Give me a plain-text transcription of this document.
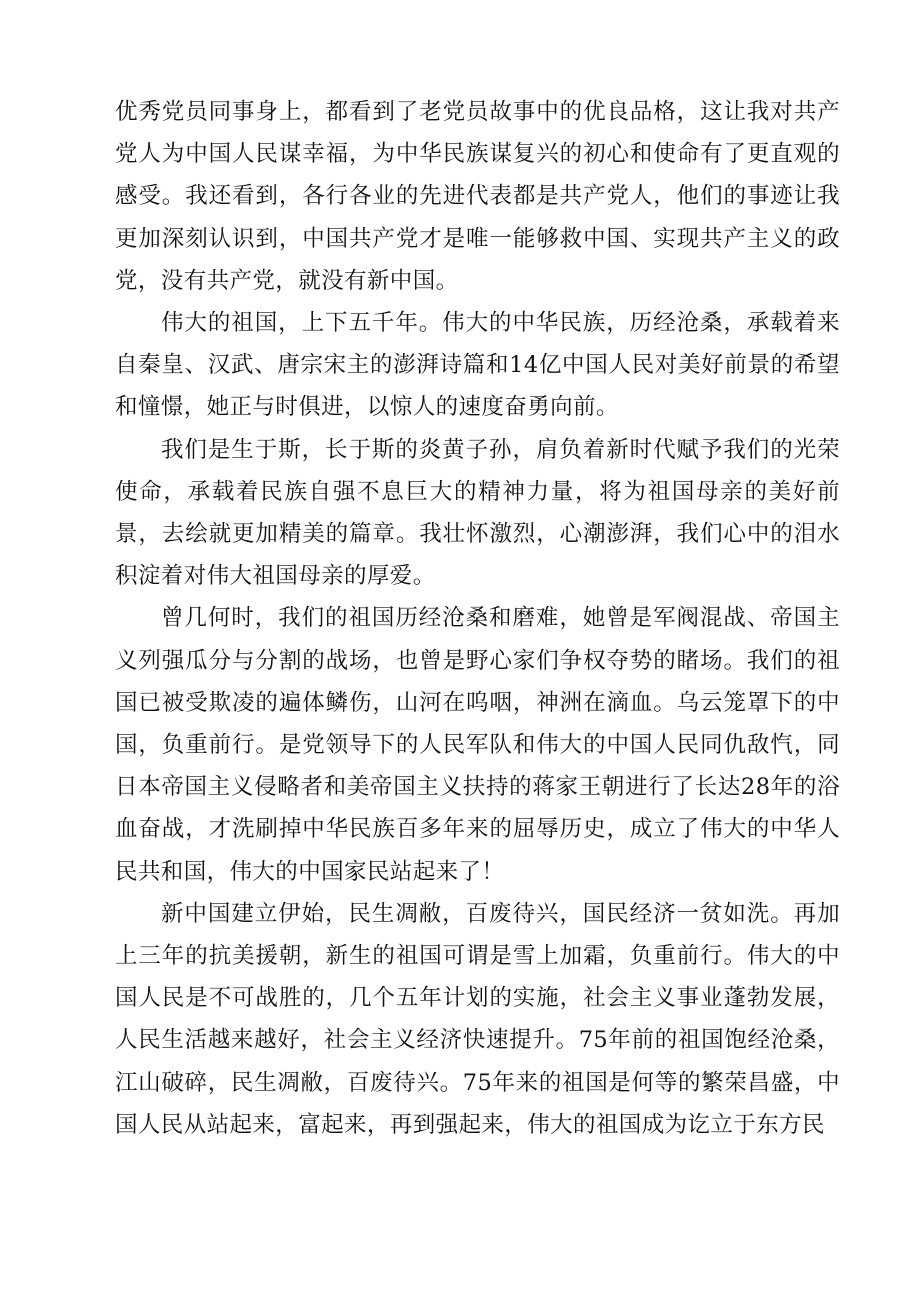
优秀党员同事身上，都看到了老党员故事中的优良品格，这让我对共产党人为中国人民谋幸福，为中华民族谋复兴的初心和使命有了更直观的感受。我还看到，各行各业的先进代表都是共产党人，他们的事迹让我更加深刻认识到，中国共产党才是唯一能够救中国、实现共产主义的政党，没有共产党，就没有新中国。

伟大的祖国，上下五千年。伟大的中华民族，历经沧桑，承载着来自秦皇、汉武、唐宗宋主的澎湃诗篇和14亿中国人民对美好前景的希望和憧憬，她正与时俱进，以惊人的速度奋勇向前。

我们是生于斯，长于斯的炎黄子孙，肩负着新时代赋予我们的光荣使命，承载着民族自强不息巨大的精神力量，将为祖国母亲的美好前景，去绘就更加精美的篇章。我壮怀激烈，心潮澎湃，我们心中的泪水积淀着对伟大祖国母亲的厚爱。

曾几何时，我们的祖国历经沧桑和磨难，她曾是军阀混战、帝国主义列强瓜分与分割的战场，也曾是野心家们争权夺势的睹场。我们的祖国已被受欺凌的遍体鳞伤，山河在呜咽，神洲在滴血。乌云笼罩下的中国，负重前行。是党领导下的人民军队和伟大的中国人民同仇敌忾，同日本帝国主义侵略者和美帝国主义扶持的蒋家王朝进行了长达28年的浴血奋战，才洗刷掉中华民族百多年来的屈辱历史，成立了伟大的中华人民共和国，伟大的中国家民站起来了！

新中国建立伊始，民生凋敝，百废待兴，国民经济一贫如洗。再加上三年的抗美援朝，新生的祖国可谓是雪上加霜，负重前行。伟大的中国人民是不可战胜的，几个五年计划的实施，社会主义事业蓬勃发展，人民生活越来越好，社会主义经济快速提升。75年前的祖国饱经沧桑，江山破碎，民生凋敝，百废待兴。75年来的祖国是何等的繁荣昌盛，中国人民从站起来，富起来，再到强起来，伟大的祖国成为讫立于东方民
